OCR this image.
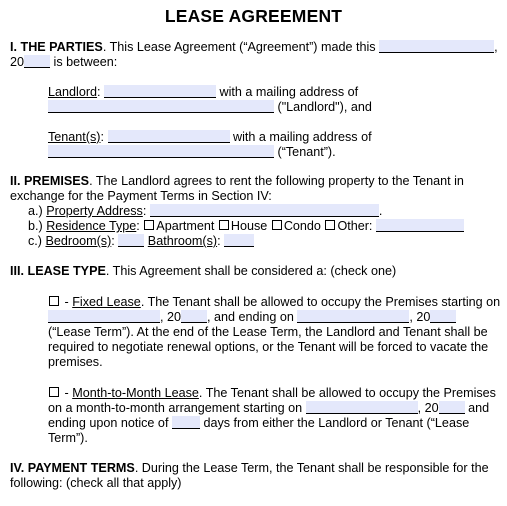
LEASE AGREEMENT
I. THE PARTIES. This Lease Agreement (“Agreement”) made this	,
20 is between:
Landlord:	with a mailing address of
("Landlord"), and
Tenant(s):	with a mailing address of
(“Tenant”).
II. PREMISES. The Landlord agrees to rent the following property to the Tenant in
exchange for the Payment Terms in Section IV:
a.) Property Address:	.
b.) Residence Type: Apartment House Condo Other:
c.) Bedroom(s):  Bathroom(s):
III. LEASE TYPE. This Agreement shall be considered a: (check one)
- Fixed Lease. The Tenant shall be allowed to occupy the Premises starting on
, 20 , and ending on	, 20
(“Lease Term”). At the end of the Lease Term, the Landlord and Tenant shall be
required to negotiate renewal options, or the Tenant will be forced to vacate the
premises.
- Month-to-Month Lease. The Tenant shall be allowed to occupy the Premises
on a month-to-month arrangement starting on	, 20 and
ending upon notice of	days from either the Landlord or Tenant (“Lease
Term”).
IV. PAYMENT TERMS. During the Lease Term, the Tenant shall be responsible for the
following: (check all that apply)
